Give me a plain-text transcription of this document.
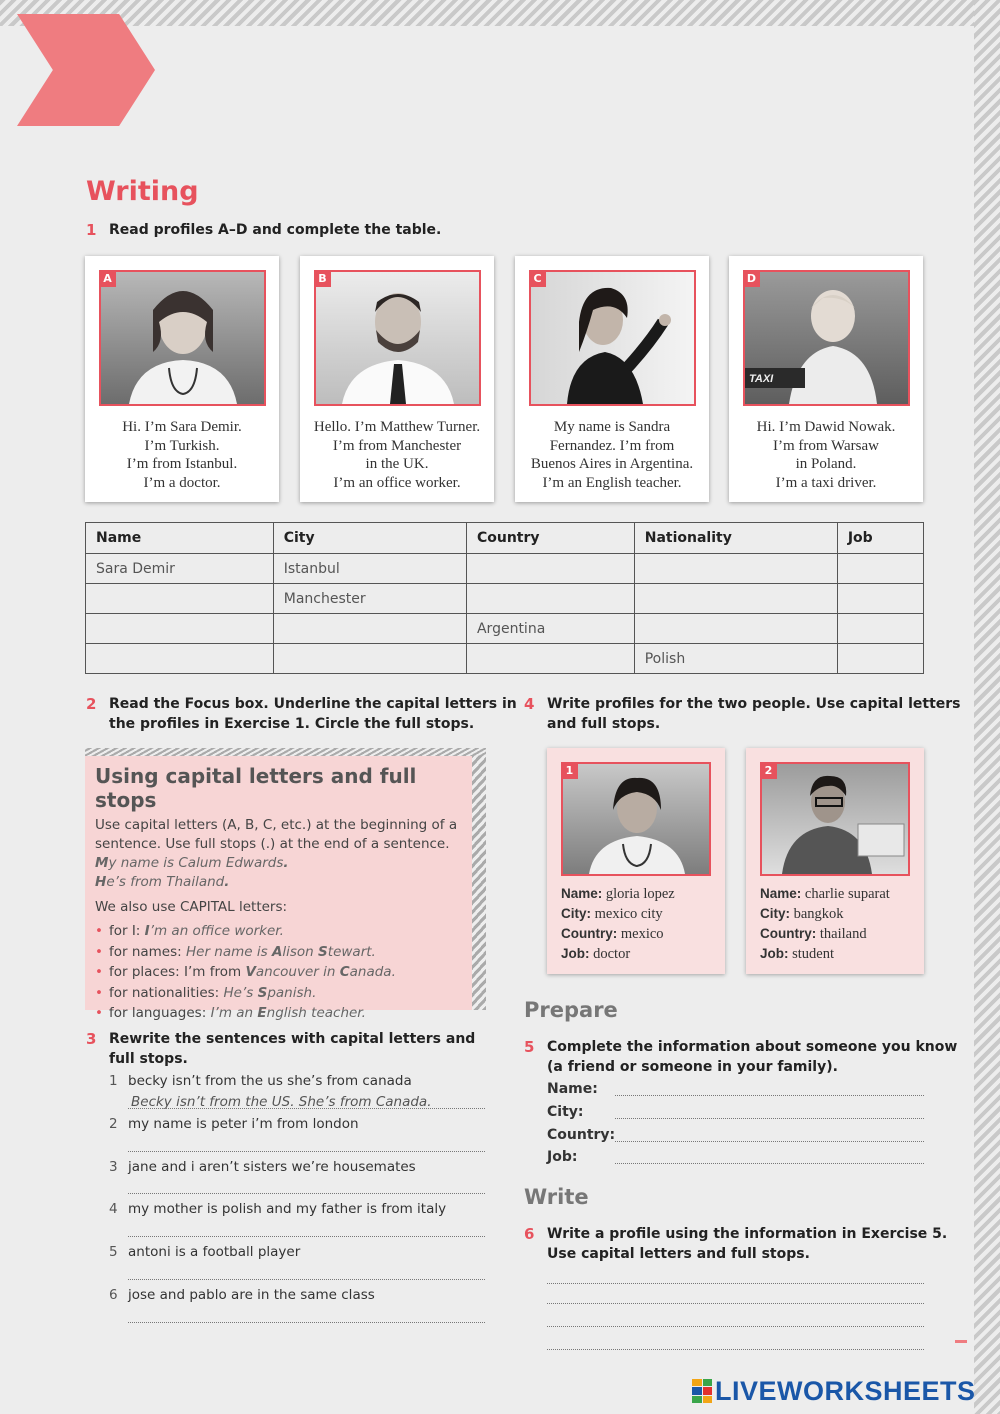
Writing
1 Read profiles A–D and complete the table.
A
Hi. I’m Sara Demir.
I’m Turkish.
I’m from Istanbul.
I’m a doctor.
B
Hello. I’m Matthew Turner.
I’m from Manchester
in the UK.
I’m an office worker.
C
My name is Sandra
Fernandez. I’m from
Buenos Aires in Argentina.
I’m an English teacher.
TAXI
D
Hi. I’m Dawid Nowak.
I’m from Warsaw
in Poland.
I’m a taxi driver.
Name	City	Country	Nationality	Job
Sara Demir	Istanbul			
	Manchester			
		Argentina		
			Polish	
2 Read the Focus box. Underline the capital letters in
the profiles in Exercise 1. Circle the full stops.
Using capital letters and full stops

Use capital letters (A, B, C, etc.) at the beginning of a

sentence. Use full stops (.) at the end of a sentence.

My name is Calum Edwards.

He’s from Thailand.

We also use CAPITAL letters:

• for I: I’m an office worker.
• for names: Her name is Alison Stewart.
• for places: I’m from Vancouver in Canada.
• for nationalities: He’s Spanish.
• for languages: I’m an English teacher.
3 Rewrite the sentences with capital letters and
full stops.
1 becky isn’t from the us she’s from canada
Becky isn’t from the US. She’s from Canada.
2 my name is peter i’m from london
3 jane and i aren’t sisters we’re housemates
4 my mother is polish and my father is from italy
5 antoni is a football player
6 jose and pablo are in the same class
4 Write profiles for the two people. Use capital letters
and full stops.
1
Name: gloria lopez
City: mexico city
Country: mexico
Job: doctor
2
Name: charlie suparat
City: bangkok
Country: thailand
Job: student
Prepare
5 Complete the information about someone you know
(a friend or someone in your family).
Name:
City:
Country:
Job:
Write
6 Write a profile using the information in Exercise 5.
Use capital letters and full stops.
LIVEWORKSHEETS
